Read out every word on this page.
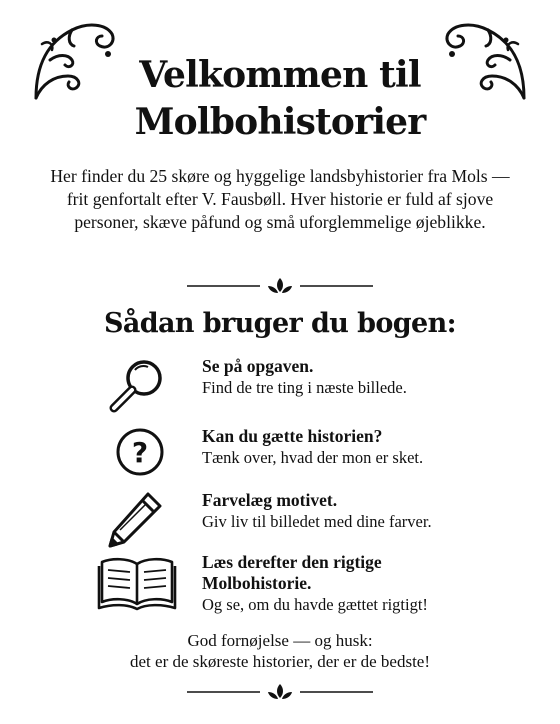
Velkommen til
Molbohistorier
Her finder du 25 skøre og hyggelige landsbyhistorier fra Mols — frit genfortalt efter V. Fausbøll. Hver historie er fuld af sjove personer, skæve påfund og små uforglemmelige øjeblikke.
Sådan bruger du bogen:
Se på opgaven.
Find de tre ting i næste billede.
?	Kan du gætte historien?
Tænk over, hvad der mon er sket.
Farvelæg motivet.
Giv liv til billedet med dine farver.
Læs derefter den rigtige Molbohistorie.
Og se, om du havde gættet rigtigt!
God fornøjelse — og husk:
det er de skøreste historier, der er de bedste!
